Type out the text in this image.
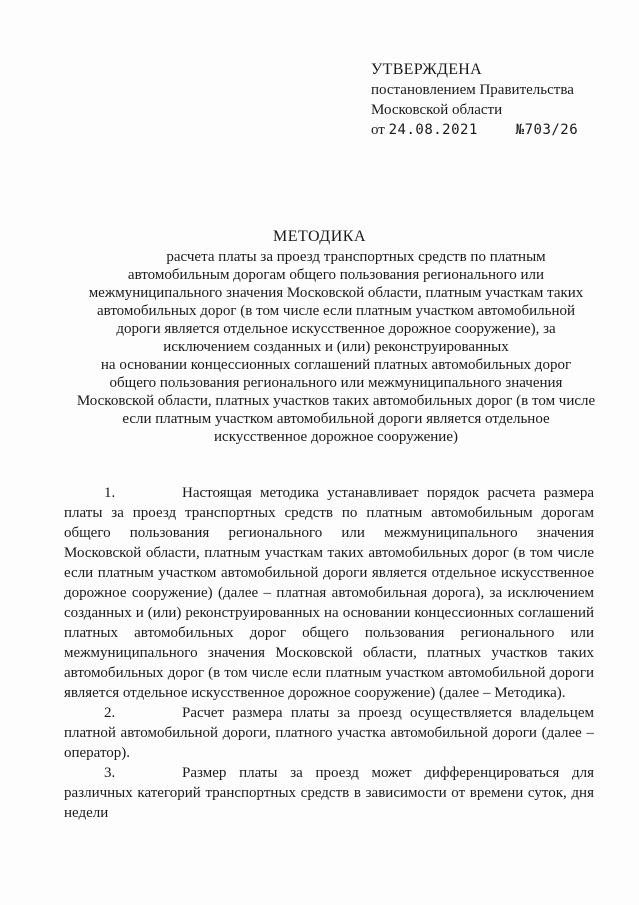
УТВЕРЖДЕНА
постановлением Правительства
Московской области
от 24.08.2021	№703/26
МЕТОДИКА
расчета платы за проезд транспортных средств по платным
автомобильным дорогам общего пользования регионального или
межмуниципального значения Московской области, платным участкам таких
автомобильных дорог (в том числе если платным участком автомобильной
дороги является отдельное искусственное дорожное сооружение), за
исключением созданных и (или) реконструированных
на основании концессионных соглашений платных автомобильных дорог
общего пользования регионального или межмуниципального значения
Московской области, платных участков таких автомобильных дорог (в том числе
если платным участком автомобильной дороги является отдельное
искусственное дорожное сооружение)

1.	Настоящая методика устанавливает порядок расчета размера платы за проезд транспортных средств по платным автомобильным дорогам общего пользования регионального или межмуниципального значения Московской области, платным участкам таких автомобильных дорог (в том числе если платным участком автомобильной дороги является отдельное искусственное дорожное сооружение) (далее – платная автомобильная дорога), за исключением созданных и (или) реконструированных на основании концессионных соглашений платных автомобильных дорог общего пользования регионального или межмуниципального значения Московской области, платных участков таких автомобильных дорог (в том числе если платным участком автомобильной дороги является отдельное искусственное дорожное сооружение) (далее – Методика).

2.	Расчет размера платы за проезд осуществляется владельцем платной автомобильной дороги, платного участка автомобильной дороги (далее – оператор).

3.	Размер платы за проезд может дифференцироваться для различных категорий транспортных средств в зависимости от времени суток, дня недели
